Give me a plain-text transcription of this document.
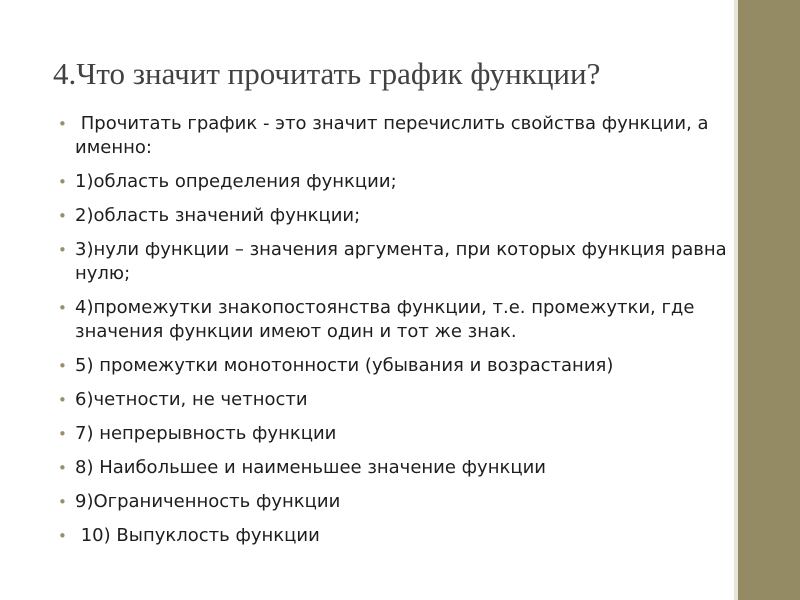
4.Что значит прочитать график функции?
• Прочитать график - это значит перечислить свойства функции, а именно:
• 1)область определения функции;
• 2)область значений функции;
• 3)нули функции – значения аргумента, при которых функция равна нулю;
• 4)промежутки знакопостоянства функции, т.е. промежутки, где значения функции имеют один и тот же знак.
• 5) промежутки монотонности (убывания и возрастания)
• 6)четности, не четности
• 7) непрерывность функции
• 8) Наибольшее и наименьшее значение функции
• 9)Ограниченность функции
• 10) Выпуклость функции
